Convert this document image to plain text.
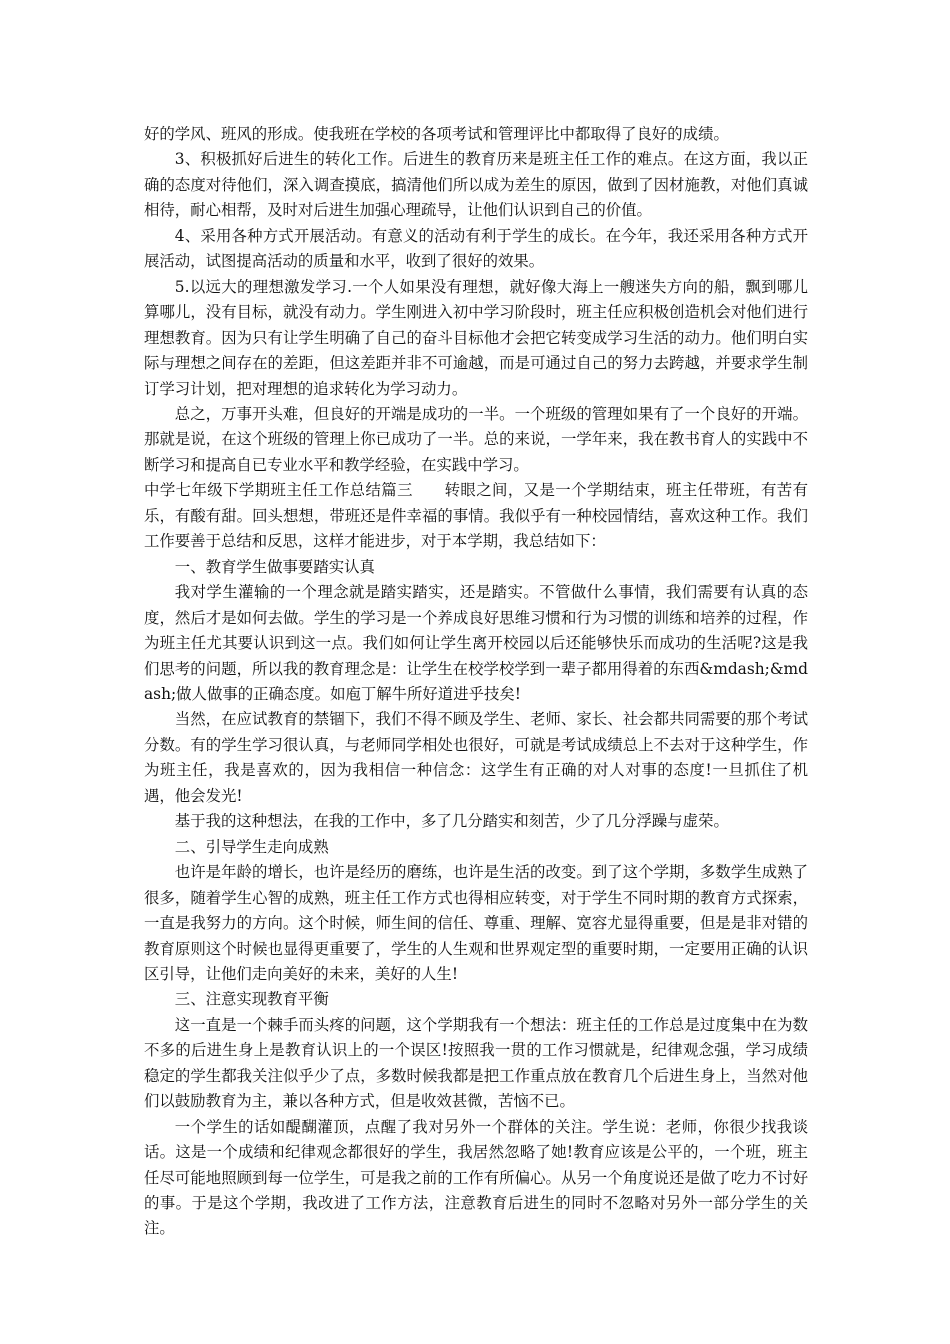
好的学风、班风的形成。使我班在学校的各项考试和管理评比中都取得了良好的成绩。

3、积极抓好后进生的转化工作。后进生的教育历来是班主任工作的难点。在这方面，我以正确的态度对待他们，深入调查摸底，搞清他们所以成为差生的原因，做到了因材施教，对他们真诚相待，耐心相帮，及时对后进生加强心理疏导，让他们认识到自己的价值。

4、采用各种方式开展活动。有意义的活动有利于学生的成长。在今年，我还采用各种方式开展活动，试图提高活动的质量和水平，收到了很好的效果。

5.以远大的理想激发学习.一个人如果没有理想，就好像大海上一艘迷失方向的船，飘到哪儿算哪儿，没有目标，就没有动力。学生刚进入初中学习阶段时，班主任应积极创造机会对他们进行理想教育。因为只有让学生明确了自己的奋斗目标他才会把它转变成学习生活的动力。他们明白实际与理想之间存在的差距，但这差距并非不可逾越，而是可通过自己的努力去跨越，并要求学生制订学习计划，把对理想的追求转化为学习动力。

总之，万事开头难，但良好的开端是成功的一半。一个班级的管理如果有了一个良好的开端。那就是说，在这个班级的管理上你已成功了一半。总的来说，一学年来，我在教书育人的实践中不断学习和提高自已专业水平和教学经验，在实践中学习。

中学七年级下学期班主任工作总结篇三　　转眼之间，又是一个学期结束，班主任带班，有苦有乐，有酸有甜。回头想想，带班还是件幸福的事情。我似乎有一种校园情结，喜欢这种工作。我们工作要善于总结和反思，这样才能进步，对于本学期，我总结如下：

一、教育学生做事要踏实认真

我对学生灌输的一个理念就是踏实踏实，还是踏实。不管做什么事情，我们需要有认真的态度，然后才是如何去做。学生的学习是一个养成良好思维习惯和行为习惯的训练和培养的过程，作为班主任尤其要认识到这一点。我们如何让学生离开校园以后还能够快乐而成功的生活呢?这是我们思考的问题，所以我的教育理念是：让学生在校学校学到一辈子都用得着的东西&mdash;&mdash;做人做事的正确态度。如庖丁解牛所好道进乎技矣!

当然，在应试教育的禁锢下，我们不得不顾及学生、老师、家长、社会都共同需要的那个考试分数。有的学生学习很认真，与老师同学相处也很好，可就是考试成绩总上不去对于这种学生，作为班主任，我是喜欢的，因为我相信一种信念：这学生有正确的对人对事的态度!一旦抓住了机遇，他会发光!

基于我的这种想法，在我的工作中，多了几分踏实和刻苦，少了几分浮躁与虚荣。

二、引导学生走向成熟

也许是年龄的增长，也许是经历的磨练，也许是生活的改变。到了这个学期，多数学生成熟了很多，随着学生心智的成熟，班主任工作方式也得相应转变，对于学生不同时期的教育方式探索，一直是我努力的方向。这个时候，师生间的信任、尊重、理解、宽容尤显得重要，但是是非对错的教育原则这个时候也显得更重要了，学生的人生观和世界观定型的重要时期，一定要用正确的认识区引导，让他们走向美好的未来，美好的人生!

三、注意实现教育平衡

这一直是一个棘手而头疼的问题，这个学期我有一个想法：班主任的工作总是过度集中在为数不多的后进生身上是教育认识上的一个误区!按照我一贯的工作习惯就是，纪律观念强，学习成绩稳定的学生都我关注似乎少了点，多数时候我都是把工作重点放在教育几个后进生身上，当然对他们以鼓励教育为主，兼以各种方式，但是收效甚微，苦恼不已。

一个学生的话如醍醐灌顶，点醒了我对另外一个群体的关注。学生说：老师，你很少找我谈话。这是一个成绩和纪律观念都很好的学生，我居然忽略了她!教育应该是公平的，一个班，班主任尽可能地照顾到每一位学生，可是我之前的工作有所偏心。从另一个角度说还是做了吃力不讨好的事。于是这个学期，我改进了工作方法，注意教育后进生的同时不忽略对另外一部分学生的关注。
